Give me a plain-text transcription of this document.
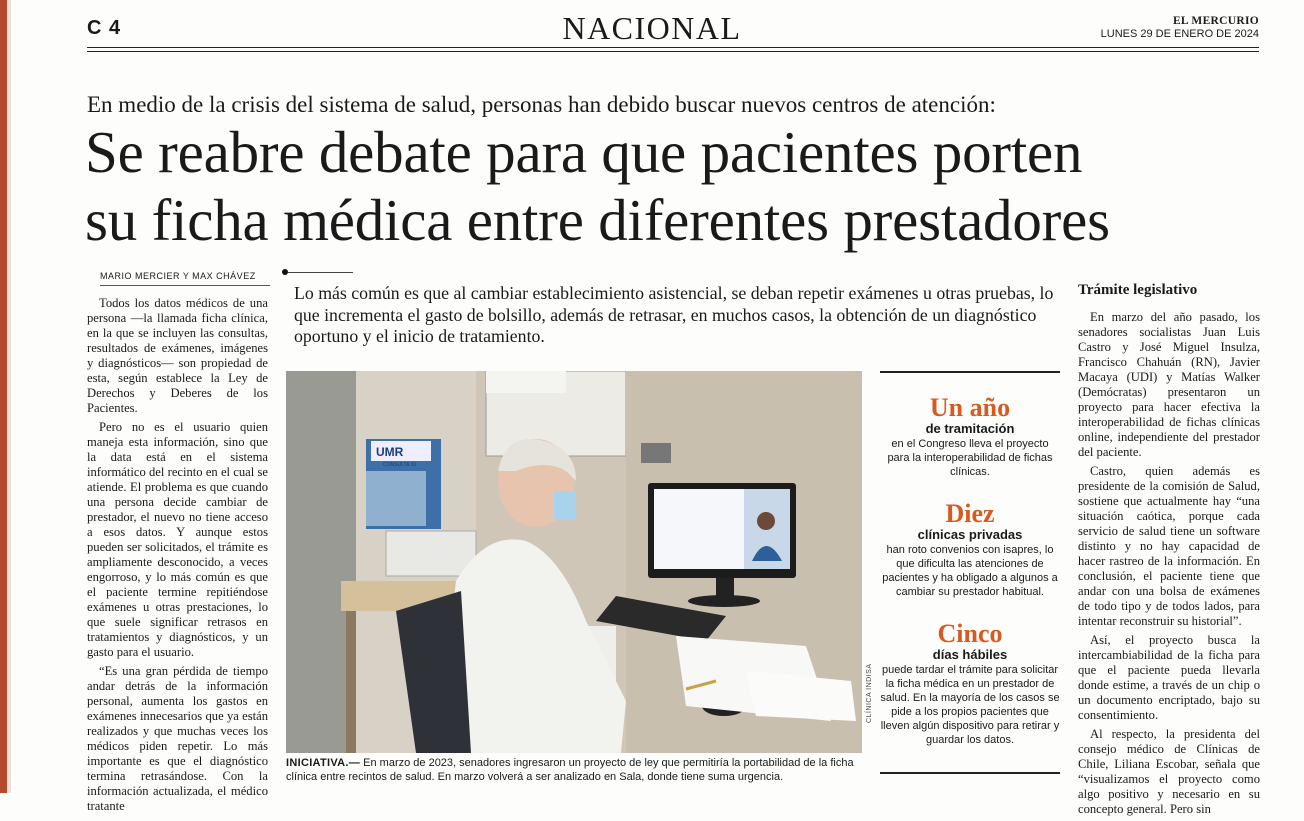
C 4	NACIONAL	EL MERCURIO
LUNES 29 DE ENERO DE 2024
En medio de la crisis del sistema de salud, personas han debido buscar nuevos centros de atención:
Se reabre debate para que pacientes porten
su ficha médica entre diferentes prestadores
MARIO MERCIER Y MAX CHÁVEZ

Todos los datos médicos de una persona —la llamada ficha clínica, en la que se incluyen las consultas, resultados de exámenes, imágenes y diagnósticos— son propiedad de esta, según establece la Ley de Derechos y Deberes de los Pacientes.

Pero no es el usuario quien maneja esta información, sino que la data está en el sistema informático del recinto en el cual se atiende. El problema es que cuando una persona decide cambiar de prestador, el nuevo no tiene acceso a esos datos. Y aunque estos pueden ser solicitados, el trámite es ampliamente desconocido, a veces engorroso, y lo más común es que el paciente termine repitiéndose exámenes u otras prestaciones, lo que suele significar retrasos en tratamientos y diagnósticos, y un gasto para el usuario.

“Es una gran pérdida de tiempo andar detrás de la información personal, aumenta los gastos en exámenes innecesarios que ya están realizados y que muchas veces los médicos piden repetir. Lo más importante es que el diagnóstico termina retrasándose. Con la información actualizada, el médico tratante

Lo más común es que al cambiar establecimiento asistencial, se deban repetir exámenes u otras pruebas, lo que incrementa el gasto de bolsillo, además de retrasar, en muchos casos, la obtención de un diagnóstico oportuno y el inicio de tratamiento.
UMR
CONSULTA 10
CLÍNICA INDISA
INICIATIVA.— En marzo de 2023, senadores ingresaron un proyecto de ley que permitiría la portabilidad de la ficha clínica entre recintos de salud. En marzo volverá a ser analizado en Sala, donde tiene suma urgencia.
Un año
de tramitación
en el Congreso lleva el proyecto para la interoperabilidad de fichas clínicas.
Diez
clínicas privadas
han roto convenios con isapres, lo que dificulta las atenciones de pacientes y ha obligado a algunos a cambiar su prestador habitual.
Cinco
días hábiles
puede tardar el trámite para solicitar la ficha médica en un prestador de salud. En la mayoría de los casos se pide a los propios pacientes que lleven algún dispositivo para retirar y guardar los datos.
Trámite legislativo

En marzo del año pasado, los senadores socialistas Juan Luis Castro y José Miguel Insulza, Francisco Chahuán (RN), Javier Macaya (UDI) y Matías Walker (Demócratas) presentaron un proyecto para hacer efectiva la interoperabilidad de fichas clínicas online, independiente del prestador del paciente.

Castro, quien además es presidente de la comisión de Salud, sostiene que actualmente hay “una situación caótica, porque cada servicio de salud tiene un software distinto y no hay capacidad de hacer rastreo de la información. En conclusión, el paciente tiene que andar con una bolsa de exámenes de todo tipo y de todos lados, para intentar reconstruir su historial”.

Así, el proyecto busca la intercambiabilidad de la ficha para que el paciente pueda llevarla donde estime, a través de un chip o un documento encriptado, bajo su consentimiento.

Al respecto, la presidenta del consejo médico de Clínicas de Chile, Liliana Escobar, señala que “visualizamos el proyecto como algo positivo y necesario en su concepto general. Pero sin
